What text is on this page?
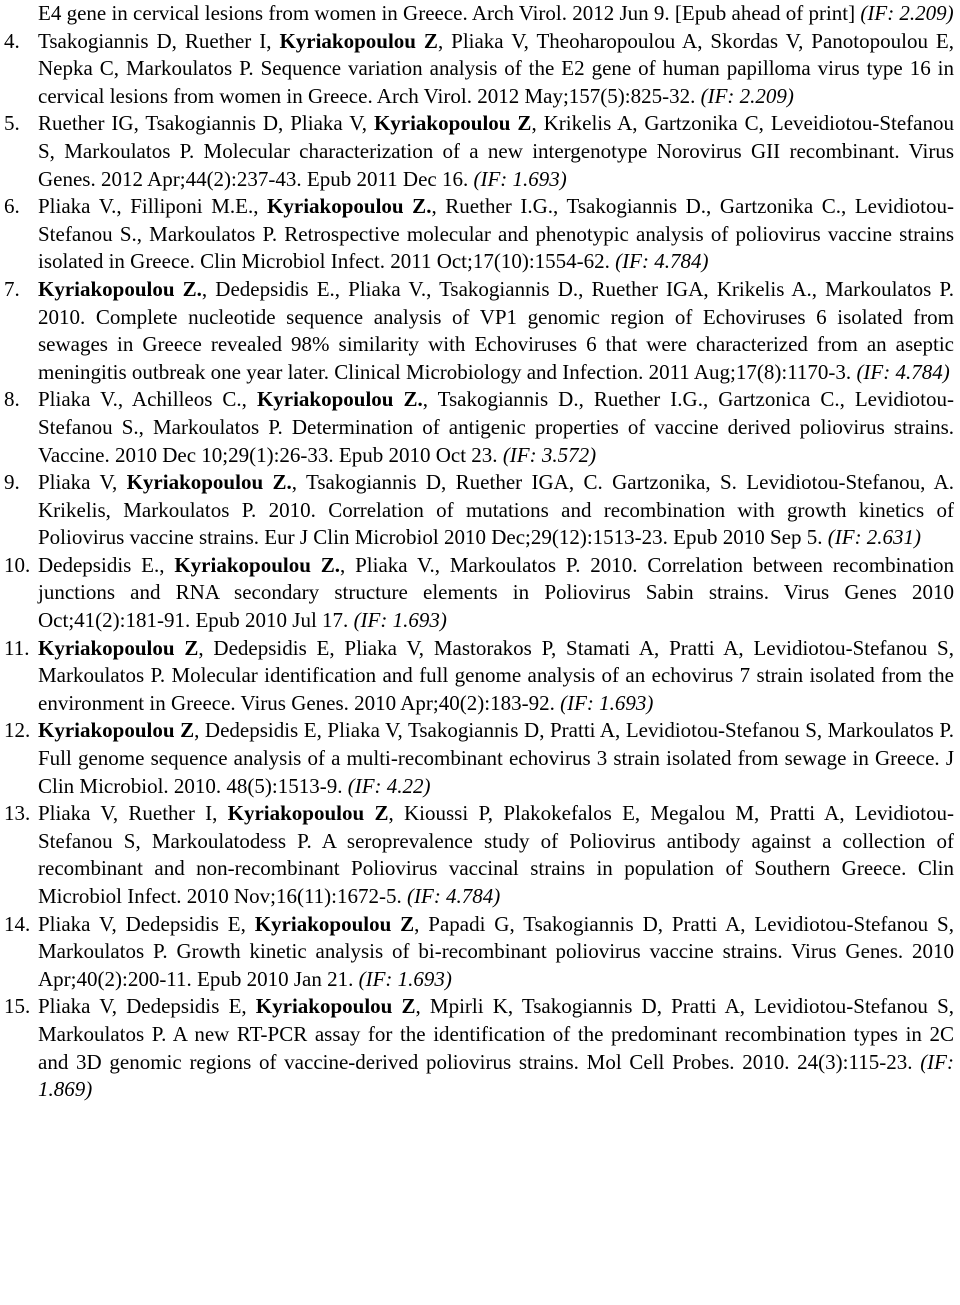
E4 gene in cervical lesions from women in Greece. Arch Virol. 2012 Jun 9. [Epub ahead of print] (IF: 2.209)

4. Tsakogiannis D, Ruether I, Kyriakopoulou Z, Pliaka V, Theoharopoulou A, Skordas V, Panotopoulou E, Nepka C, Markoulatos P. Sequence variation analysis of the E2 gene of human papilloma virus type 16 in cervical lesions from women in Greece. Arch Virol. 2012 May;157(5):825-32. (IF: 2.209)

5. Ruether IG, Tsakogiannis D, Pliaka V, Kyriakopoulou Z, Krikelis A, Gartzonika C, Leveidiotou-Stefanou S, Markoulatos P. Molecular characterization of a new intergenotype Norovirus GII recombinant. Virus Genes. 2012 Apr;44(2):237-43. Epub 2011 Dec 16. (IF: 1.693)

6. Pliaka V., Filliponi M.E., Kyriakopoulou Z., Ruether I.G., Tsakogiannis D., Gartzonika C., Levidiotou-Stefanou S., Markoulatos P. Retrospective molecular and phenotypic analysis of poliovirus vaccine strains isolated in Greece. Clin Microbiol Infect. 2011 Oct;17(10):1554-62. (IF: 4.784)

7. Kyriakopoulou Z., Dedepsidis E., Pliaka V., Tsakogiannis D., Ruether IGA, Krikelis A., Markoulatos P. 2010. Complete nucleotide sequence analysis of VP1 genomic region of Echoviruses 6 isolated from sewages in Greece revealed 98% similarity with Echoviruses 6 that were characterized from an aseptic meningitis outbreak one year later. Clinical Microbiology and Infection. 2011 Aug;17(8):1170-3. (IF: 4.784)

8. Pliaka V., Achilleos C., Kyriakopoulou Z., Tsakogiannis D., Ruether I.G., Gartzonica C., Levidiotou-Stefanou S., Markoulatos P. Determination of antigenic properties of vaccine derived poliovirus strains. Vaccine. 2010 Dec 10;29(1):26-33. Epub 2010 Oct 23. (IF: 3.572)

9. Pliaka V, Kyriakopoulou Z., Tsakogiannis D, Ruether IGA, C. Gartzonika, S. Levidiotou-Stefanou, A. Krikelis, Markoulatos P. 2010. Correlation of mutations and recombination with growth kinetics of Poliovirus vaccine strains. Eur J Clin Microbiol 2010 Dec;29(12):1513-23. Epub 2010 Sep 5. (IF: 2.631)

10. Dedepsidis E., Kyriakopoulou Z., Pliaka V., Markoulatos P. 2010. Correlation between recombination junctions and RNA secondary structure elements in Poliovirus Sabin strains. Virus Genes 2010 Oct;41(2):181-91. Epub 2010 Jul 17. (IF: 1.693)

11. Kyriakopoulou Z, Dedepsidis E, Pliaka V, Mastorakos P, Stamati A, Pratti A, Levidiotou-Stefanou S, Markoulatos P. Molecular identification and full genome analysis of an echovirus 7 strain isolated from the environment in Greece. Virus Genes. 2010 Apr;40(2):183-92. (IF: 1.693)

12. Kyriakopoulou Z, Dedepsidis E, Pliaka V, Tsakogiannis D, Pratti A, Levidiotou-Stefanou S, Markoulatos P. Full genome sequence analysis of a multi-recombinant echovirus 3 strain isolated from sewage in Greece. J Clin Microbiol. 2010. 48(5):1513-9. (IF: 4.22)

13. Pliaka V, Ruether I, Kyriakopoulou Z, Kioussi P, Plakokefalos E, Megalou M, Pratti A, Levidiotou-Stefanou S, Markoulatodess P. A seroprevalence study of Poliovirus antibody against a collection of recombinant and non-recombinant Poliovirus vaccinal strains in population of Southern Greece. Clin Microbiol Infect. 2010 Nov;16(11):1672-5. (IF: 4.784)

14. Pliaka V, Dedepsidis E, Kyriakopoulou Z, Papadi G, Tsakogiannis D, Pratti A, Levidiotou-Stefanou S, Markoulatos P. Growth kinetic analysis of bi-recombinant poliovirus vaccine strains. Virus Genes. 2010 Apr;40(2):200-11. Epub 2010 Jan 21. (IF: 1.693)

15. Pliaka V, Dedepsidis E, Kyriakopoulou Z, Mpirli K, Tsakogiannis D, Pratti A, Levidiotou-Stefanou S, Markoulatos P. A new RT-PCR assay for the identification of the predominant recombination types in 2C and 3D genomic regions of vaccine-derived poliovirus strains. Mol Cell Probes. 2010. 24(3):115-23. (IF: 1.869)
